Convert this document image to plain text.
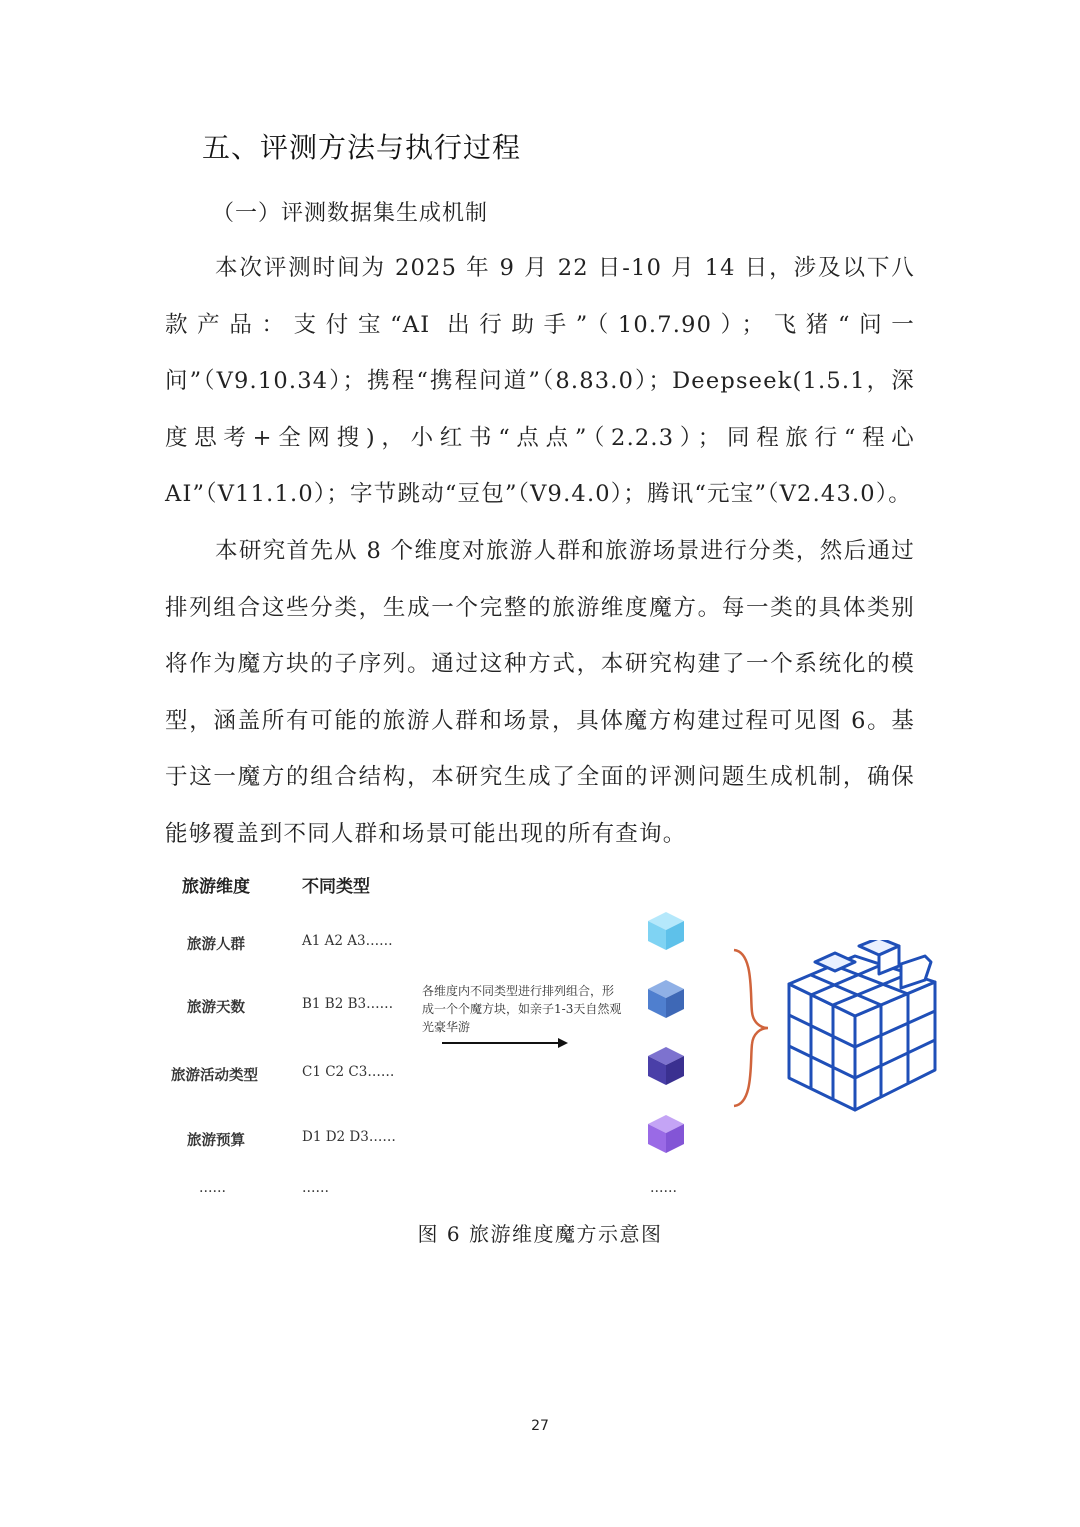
五、评测方法与执行过程
（一）评测数据集生成机制

本次评测时间为 2025 年 9 月 22 日-10 月 14 日，涉及以下八款产品：支付宝“AI 出行助手”（10.7.90）；飞猪“问一问”（V9.10.34）；携程“携程问道”（8.83.0）；Deepseek(1.5.1，深度思考+全网搜)，小红书“点点”（2.2.3）；同程旅行“程心 AI”（V11.1.0）；字节跳动“豆包”（V9.4.0）；腾讯“元宝”（V2.43.0）。

本研究首先从 8 个维度对旅游人群和旅游场景进行分类，然后通过排列组合这些分类，生成一个完整的旅游维度魔方。每一类的具体类别将作为魔方块的子序列。通过这种方式，本研究构建了一个系统化的模型，涵盖所有可能的旅游人群和场景，具体魔方构建过程可见图 6。基于这一魔方的组合结构，本研究生成了全面的评测问题生成机制，确保能够覆盖到不同人群和场景可能出现的所有查询。

旅游维度	不同类型
旅游人群	A1 A2 A3……
旅游天数	B1 B2 B3……
旅游活动类型	C1 C2 C3……
旅游预算	D1 D2 D3……
……	……	……
各维度内不同类型进行排列组合，形成一个个魔方块，如亲子1-3天自然观光豪华游
图 6 旅游维度魔方示意图
27
